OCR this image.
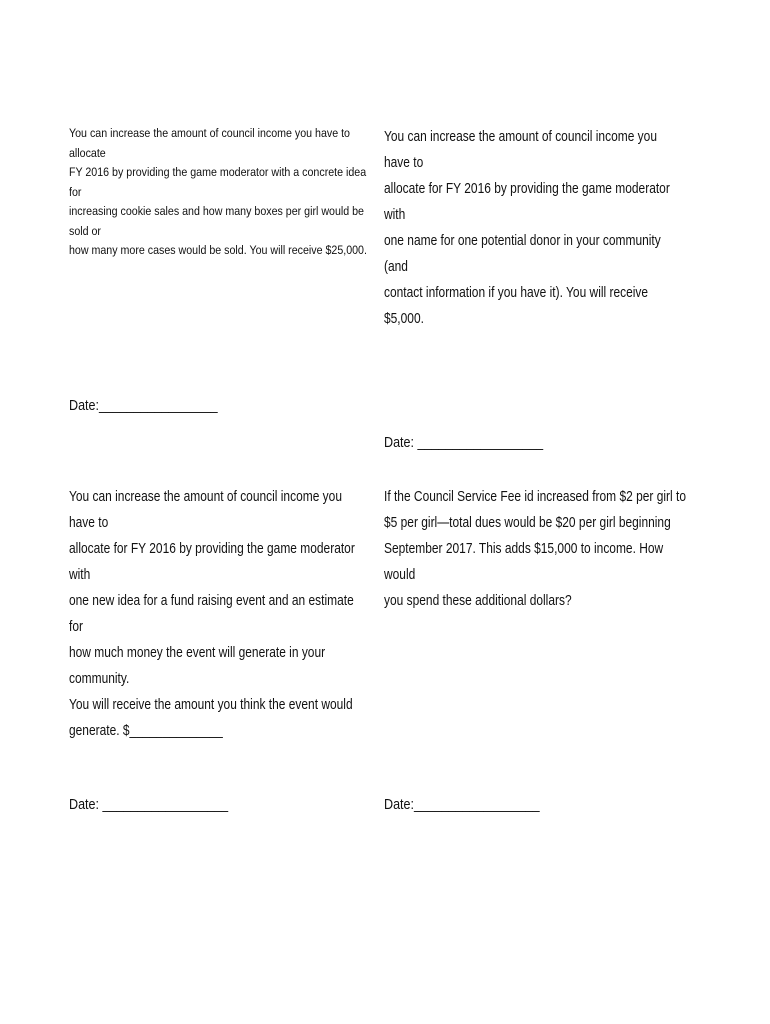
You can increase the amount of council income you have to allocate
FY 2016 by providing the game moderator with a concrete idea for
increasing cookie sales and how many boxes per girl would be sold or
how many more cases would be sold. You will receive $25,000.

Date:_________________

You can increase the amount of council income you have to
allocate for FY 2016 by providing the game moderator with
one name for one potential donor in your community (and
contact information if you have it). You will receive $5,000.

Date: __________________

You can increase the amount of council income you have to
allocate for FY 2016 by providing the game moderator with
one new idea for a fund raising event and an estimate for
how much money the event will generate in your community.
You will receive the amount you think the event would
generate. $______________

Date: __________________

If the Council Service Fee id increased from $2 per girl to
$5 per girl—total dues would be $20 per girl beginning
September 2017. This adds $15,000 to income. How would
you spend these additional dollars?

Date:__________________
